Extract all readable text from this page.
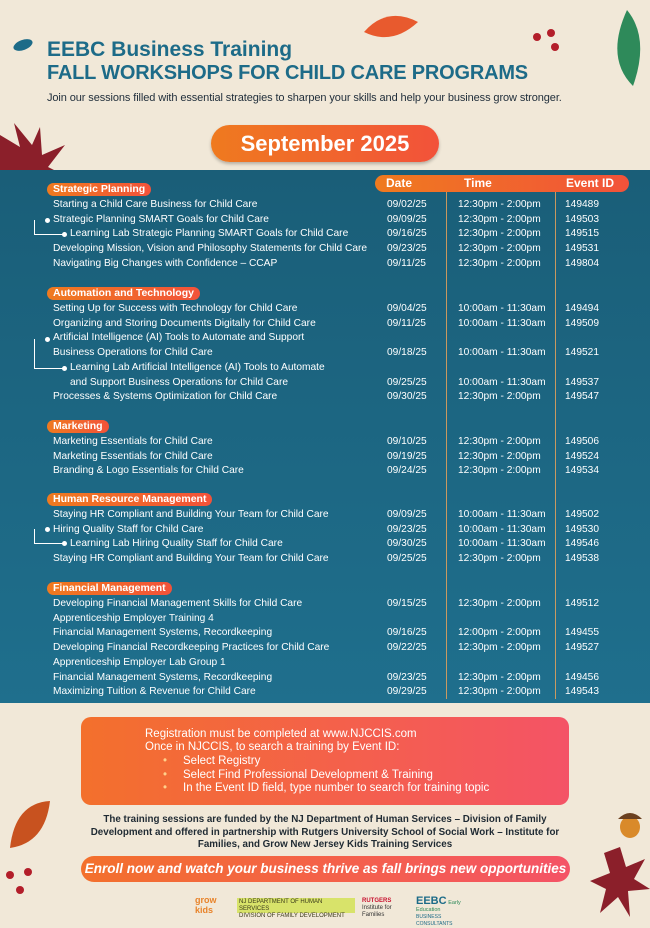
EEBC Business Training
FALL WORKSHOPS FOR CHILD CARE PROGRAMS
Join our sessions filled with essential strategies to sharpen your skills and help your business grow stronger.
September 2025
Date	Time	Event ID
Strategic Planning
Starting a Child Care Business for Child Care	09/02/25	12:30pm - 2:00pm 149489
Strategic Planning SMART Goals for Child Care	09/09/25	12:30pm - 2:00pm 149503
Learning Lab Strategic Planning SMART Goals for Child Care	09/16/25	12:30pm - 2:00pm 149515
Developing Mission, Vision and Philosophy Statements for Child Care 09/23/25	12:30pm - 2:00pm 149531
Navigating Big Changes with Confidence – CCAP	09/11/25	12:30pm - 2:00pm 149804
Automation and Technology
Setting Up for Success with Technology for Child Care	09/04/25	10:00am - 11:30am 149494
Organizing and Storing Documents Digitally for Child Care	09/11/25	10:00am - 11:30am 149509
Artificial Intelligence (AI) Tools to Automate and Support
Business Operations for Child Care	09/18/25	10:00am - 11:30am 149521
Learning Lab Artificial Intelligence (AI) Tools to Automate
and Support Business Operations for Child Care	09/25/25	10:00am - 11:30am 149537
Processes & Systems Optimization for Child Care	09/30/25	12:30pm - 2:00pm 149547
Marketing
Marketing Essentials for Child Care	09/10/25	12:30pm - 2:00pm 149506
Marketing Essentials for Child Care	09/19/25	12:30pm - 2:00pm 149524
Branding & Logo Essentials for Child Care	09/24/25	12:30pm - 2:00pm 149534
Human Resource Management
Staying HR Compliant and Building Your Team for Child Care	09/09/25	10:00am - 11:30am 149502
Hiring Quality Staff for Child Care	09/23/25	10:00am - 11:30am 149530
Learning Lab Hiring Quality Staff for Child Care	09/30/25	10:00am - 11:30am 149546
Staying HR Compliant and Building Your Team for Child Care	09/25/25	12:30pm - 2:00pm 149538
Financial Management
Developing Financial Management Skills for Child Care	09/15/25	12:30pm - 2:00pm 149512
Apprenticeship Employer Training 4
Financial Management Systems, Recordkeeping	09/16/25	12:00pm - 2:00pm 149455
Developing Financial Recordkeeping Practices for Child Care	09/22/25	12:30pm - 2:00pm 149527
Apprenticeship Employer Lab Group 1
Financial Management Systems, Recordkeeping	09/23/25	12:30pm - 2:00pm 149456
Maximizing Tuition & Revenue for Child Care	09/29/25	12:30pm - 2:00pm 149543
Registration must be completed at www.NJCCIS.com
Once in NJCCIS, to search a training by Event ID:
• Select Registry
• Select Find Professional Development & Training
• In the Event ID field, type number to search for training topic
The training sessions are funded by the NJ Department of Human Services – Division of Family Development and offered in partnership with Rutgers University School of Social Work – Institute for Families, and Grow New Jersey Kids Training Services
Enroll now and watch your business thrive as fall brings new opportunities
grow kids
NJ DEPARTMENT OF HUMAN SERVICES
DIVISION OF FAMILY DEVELOPMENT
RUTGERS
Institute for Families
EEBC Early Education
BUSINESS CONSULTANTS
